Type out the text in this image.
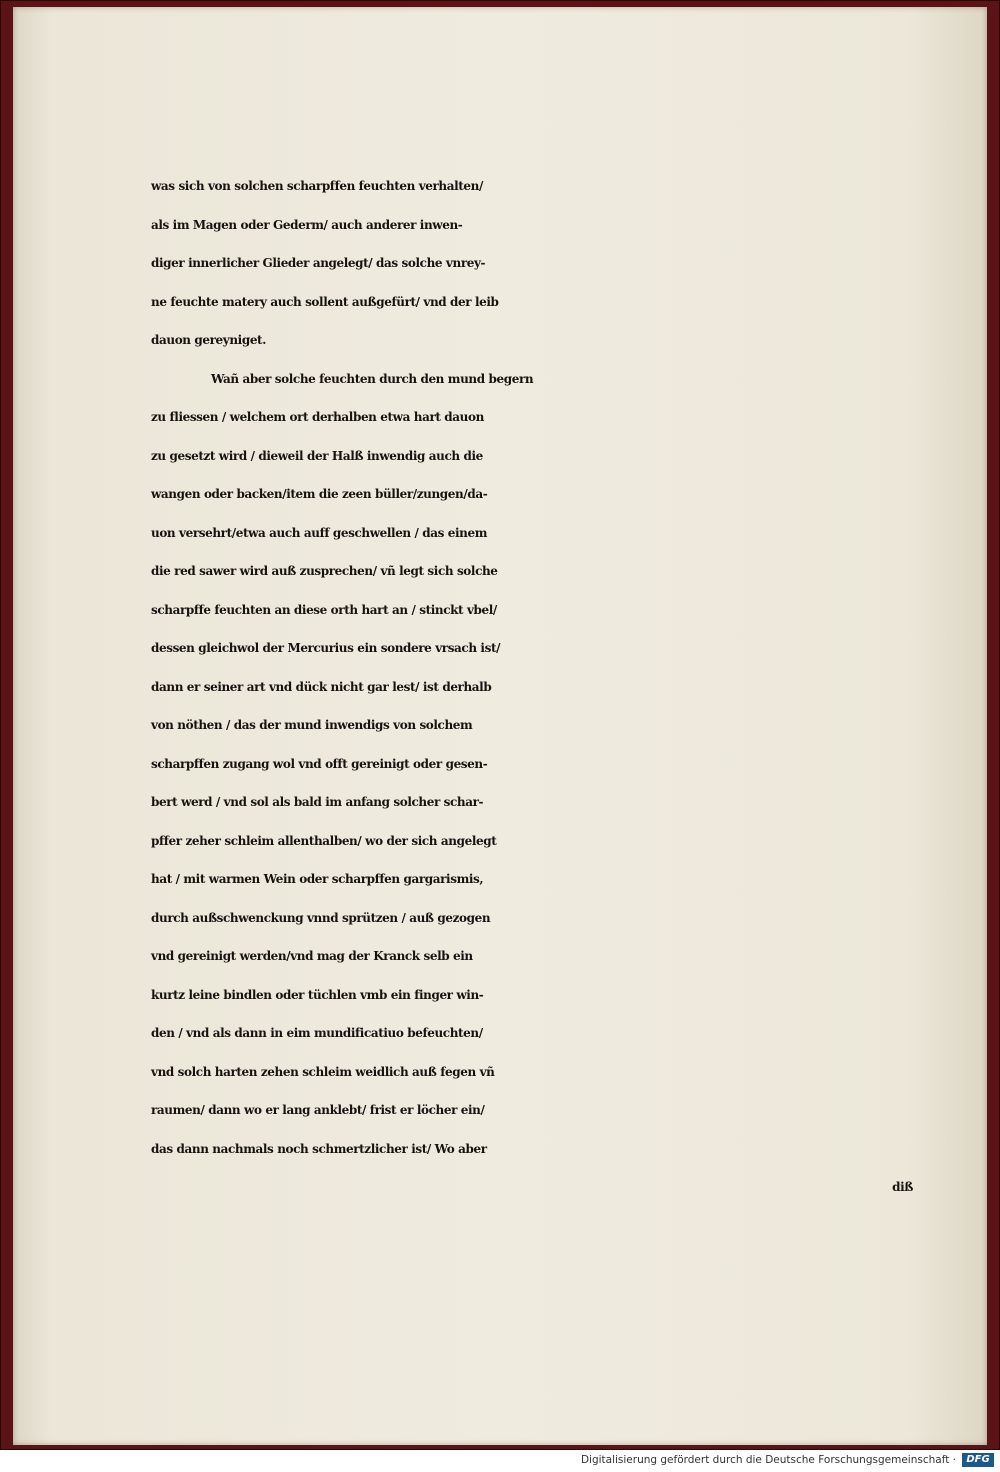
was sich von solchen scharpffen feuchten verhalten/
als im Magen oder Gederm/ auch anderer inwen-
diger innerlicher Glieder angelegt/ das solche vnrey-
ne feuchte matery auch sollent außgefürt/ vnd der leib
dauon gereyniget.
Wañ aber solche feuchten durch den mund begern
zu fliessen / welchem ort derhalben etwa hart dauon
zu gesetzt wird / dieweil der Halß inwendig auch die
wangen oder backen/item die zeen büller/zungen/da-
uon versehrt/etwa auch auff geschwellen / das einem
die red sawer wird auß zusprechen/ vñ legt sich solche
scharpffe feuchten an diese orth hart an / stinckt vbel/
dessen gleichwol der Mercurius ein sondere vrsach ist/
dann er seiner art vnd dück nicht gar lest/ ist derhalb
von nöthen / das der mund inwendigs von solchem
scharpffen zugang wol vnd offt gereinigt oder gesen-
bert werd / vnd sol als bald im anfang solcher schar-
pffer zeher schleim allenthalben/ wo der sich angelegt
hat / mit warmen Wein oder scharpffen gargarismis,
durch außschwenckung vnnd sprützen / auß gezogen
vnd gereinigt werden/vnd mag der Kranck selb ein
kurtz leine bindlen oder tüchlen vmb ein finger win-
den / vnd als dann in eim mundificatiuo befeuchten/
vnd solch harten zehen schleim weidlich auß fegen vñ
raumen/ dann wo er lang anklebt/ frist er löcher ein/
das dann nachmals noch schmertzlicher ist/ Wo aber
diß
Digitalisierung gefördert durch die Deutsche Forschungsgemeinschaft ·	DFG
